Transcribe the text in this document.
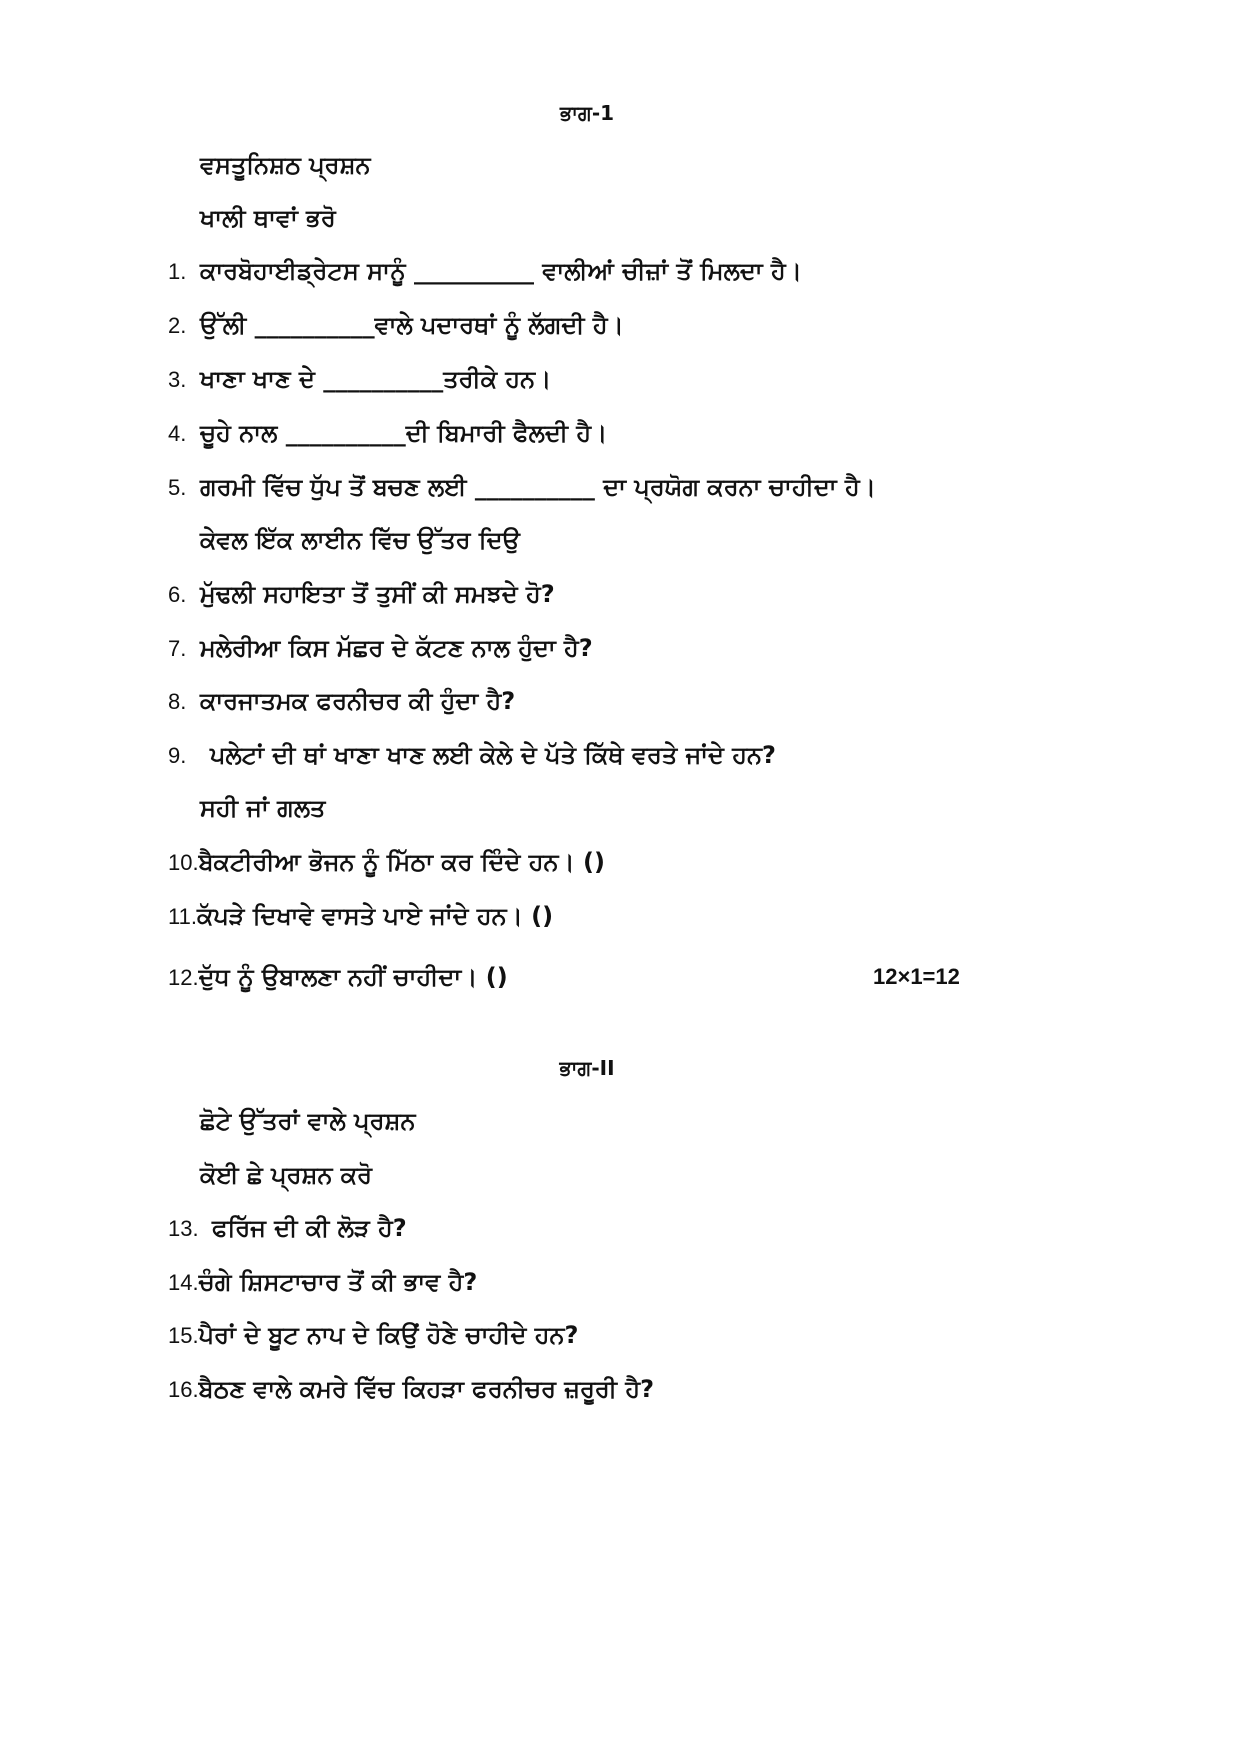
ਭਾਗ-1
ਵਸਤੂਨਿਸ਼ਠ ਪ੍ਰਸ਼ਨ
ਖਾਲੀ ਥਾਵਾਂ ਭਰੋ
1. ਕਾਰਬੋਹਾਈਡ੍ਰੇਟਸ ਸਾਨੂੰ __________ ਵਾਲੀਆਂ ਚੀਜ਼ਾਂ ਤੋਂ ਮਿਲਦਾ ਹੈ।
2. ਉੱਲੀ __________ਵਾਲੇ ਪਦਾਰਥਾਂ ਨੂੰ ਲੱਗਦੀ ਹੈ।
3. ਖਾਣਾ ਖਾਣ ਦੇ __________ਤਰੀਕੇ ਹਨ।
4. ਚੂਹੇ ਨਾਲ __________ਦੀ ਬਿਮਾਰੀ ਫੈਲਦੀ ਹੈ।
5. ਗਰਮੀ ਵਿੱਚ ਧੁੱਪ ਤੋਂ ਬਚਣ ਲਈ __________ ਦਾ ਪ੍ਰਯੋਗ ਕਰਨਾ ਚਾਹੀਦਾ ਹੈ।
ਕੇਵਲ ਇੱਕ ਲਾਈਨ ਵਿੱਚ ਉੱਤਰ ਦਿਉ
6. ਮੁੱਢਲੀ ਸਹਾਇਤਾ ਤੋਂ ਤੁਸੀਂ ਕੀ ਸਮਝਦੇ ਹੋ?
7. ਮਲੇਰੀਆ ਕਿਸ ਮੱਛਰ ਦੇ ਕੱਟਣ ਨਾਲ ਹੁੰਦਾ ਹੈ?
8. ਕਾਰਜਾਤਮਕ ਫਰਨੀਚਰ ਕੀ ਹੁੰਦਾ ਹੈ?
9. ਪਲੇਟਾਂ ਦੀ ਥਾਂ ਖਾਣਾ ਖਾਣ ਲਈ ਕੇਲੇ ਦੇ ਪੱਤੇ ਕਿੱਥੇ ਵਰਤੇ ਜਾਂਦੇ ਹਨ?
ਸਹੀ ਜਾਂ ਗਲਤ
10.ਬੈਕਟੀਰੀਆ ਭੋਜਨ ਨੂੰ ਮਿੱਠਾ ਕਰ ਦਿੰਦੇ ਹਨ। ()
11.ਕੱਪੜੇ ਦਿਖਾਵੇ ਵਾਸਤੇ ਪਾਏ ਜਾਂਦੇ ਹਨ। ()
12.ਦੁੱਧ ਨੂੰ ਉਬਾਲਣਾ ਨਹੀਂ ਚਾਹੀਦਾ। ()	12×1=12
ਭਾਗ-II
ਛੋਟੇ ਉੱਤਰਾਂ ਵਾਲੇ ਪ੍ਰਸ਼ਨ
ਕੋਈ ਛੇ ਪ੍ਰਸ਼ਨ ਕਰੋ
13. ਫਰਿੱਜ ਦੀ ਕੀ ਲੋੜ ਹੈ?
14.ਚੰਗੇ ਸ਼ਿਸਟਾਚਾਰ ਤੋਂ ਕੀ ਭਾਵ ਹੈ?
15.ਪੈਰਾਂ ਦੇ ਬੂਟ ਨਾਪ ਦੇ ਕਿਉਂ ਹੋਣੇ ਚਾਹੀਦੇ ਹਨ?
16.ਬੈਠਣ ਵਾਲੇ ਕਮਰੇ ਵਿੱਚ ਕਿਹੜਾ ਫਰਨੀਚਰ ਜ਼ਰੂਰੀ ਹੈ?
